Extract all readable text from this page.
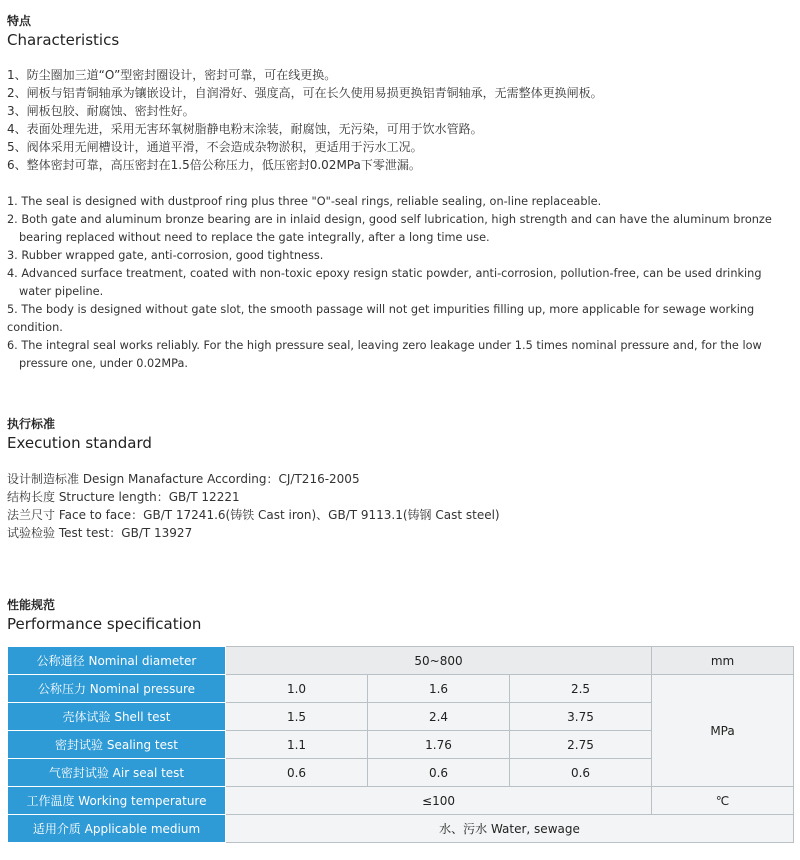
特点
Characteristics
1、防尘圈加三道“O”型密封圈设计，密封可靠，可在线更换。
2、闸板与铝青铜轴承为镶嵌设计，自润滑好、强度高，可在长久使用易损更换铝青铜轴承，无需整体更换闸板。
3、闸板包胶、耐腐蚀、密封性好。
4、表面处理先进，采用无害环氧树脂静电粉末涂装，耐腐蚀，无污染，可用于饮水管路。
5、阀体采用无闸槽设计，通道平滑，不会造成杂物淤积，更适用于污水工况。
6、整体密封可靠，高压密封在1.5倍公称压力，低压密封0.02MPa下零泄漏。
1. The seal is designed with dustproof ring plus three "O"-seal rings, reliable sealing, on-line replaceable.
2. Both gate and aluminum bronze bearing are in inlaid design, good self lubrication, high strength and can have the aluminum bronze
bearing replaced without need to replace the gate integrally, after a long time use.
3. Rubber wrapped gate, anti-corrosion, good tightness.
4. Advanced surface treatment, coated with non-toxic epoxy resign static powder, anti-corrosion, pollution-free, can be used drinking
water pipeline.
5. The body is designed without gate slot, the smooth passage will not get impurities filling up, more applicable for sewage working condition.
6. The integral seal works reliably. For the high pressure seal, leaving zero leakage under 1.5 times nominal pressure and, for the low
pressure one, under 0.02MPa.
执行标准
Execution standard
设计制造标准 Design Manafacture According：CJ/T216-2005
结构长度 Structure length：GB/T 12221
法兰尺寸 Face to face：GB/T 17241.6(铸铁 Cast iron)、GB/T 9113.1(铸钢 Cast steel)
试验检验 Test test：GB/T 13927
性能规范
Performance specification
公称通径 Nominal diameter	50~800			mm
公称压力 Nominal pressure	1.0	1.6	2.5	MPa
壳体试验 Shell test	1.5	2.4	3.75	
密封试验 Sealing test	1.1	1.76	2.75	
气密封试验 Air seal test	0.6	0.6	0.6	
工作温度 Working temperature	≤100			℃
适用介质 Applicable medium	水、污水 Water, sewage			
